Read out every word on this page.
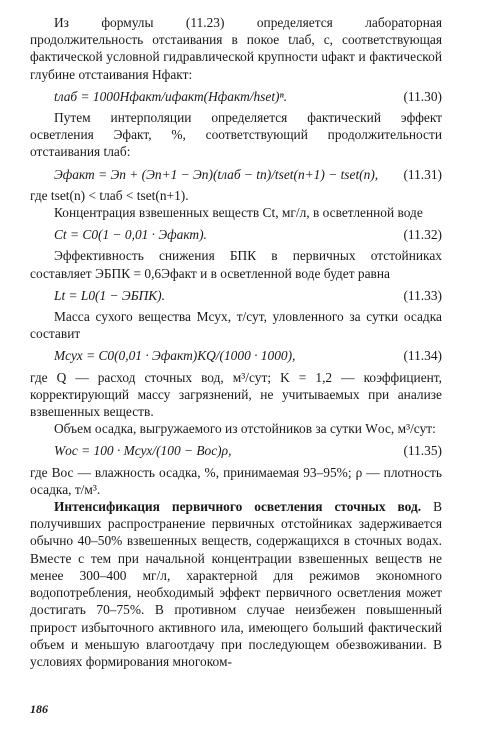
Из формулы (11.23) определяется лабораторная продолжительность отстаивания в покое tлаб, с, соответствующая фактической условной гидравлической крупности uфакт и фактической глубине отстаивания Hфакт:

tлаб = 1000Hфакт/uфакт(Hфакт/hset)ⁿ.	(11.30)

Путем интерполяции определяется фактический эффект осветления Эфакт, %, соответствующий продолжительности отстаивания tлаб:

Эфакт = Эn + (Эn+1 − Эn)(tлаб − tn)/tset(n+1) − tset(n), (11.31)

где tset(n) < tлаб < tset(n+1).

Концентрация взвешенных веществ Ct, мг/л, в осветленной воде

Ct = C0(1 − 0,01 · Эфакт).	(11.32)

Эффективность снижения БПК в первичных отстойниках составляет ЭБПК = 0,6Эфакт и в осветленной воде будет равна

Lt = L0(1 − ЭБПК).	(11.33)

Масса сухого вещества Mсух, т/сут, уловленного за сутки осадка составит

Mсух = C0(0,01 · Эфакт)KQ/(1000 · 1000),	(11.34)

где Q — расход сточных вод, м³/сут; K = 1,2 — коэффициент, корректирующий массу загрязнений, не учитываемых при анализе взвешенных веществ.

Объем осадка, выгружаемого из отстойников за сутки Wос, м³/сут:

Wос = 100 · Mсух/(100 − Bос)ρ,	(11.35)

где Bос — влажность осадка, %, принимаемая 93–95%; ρ — плотность осадка, т/м³.

Интенсификация первичного осветления сточных вод. В получивших распространение первичных отстойниках задерживается обычно 40–50% взвешенных веществ, содержащихся в сточных водах. Вместе с тем при начальной концентрации взвешенных веществ не менее 300–400 мг/л, характерной для режимов экономного водопотребления, необходимый эффект первичного осветления может достигать 70–75%. В противном случае неизбежен повышенный прирост избыточного активного ила, имеющего больший фактический объем и меньшую влагоотдачу при последующем обезвоживании. В условиях формирования многоком-

186
